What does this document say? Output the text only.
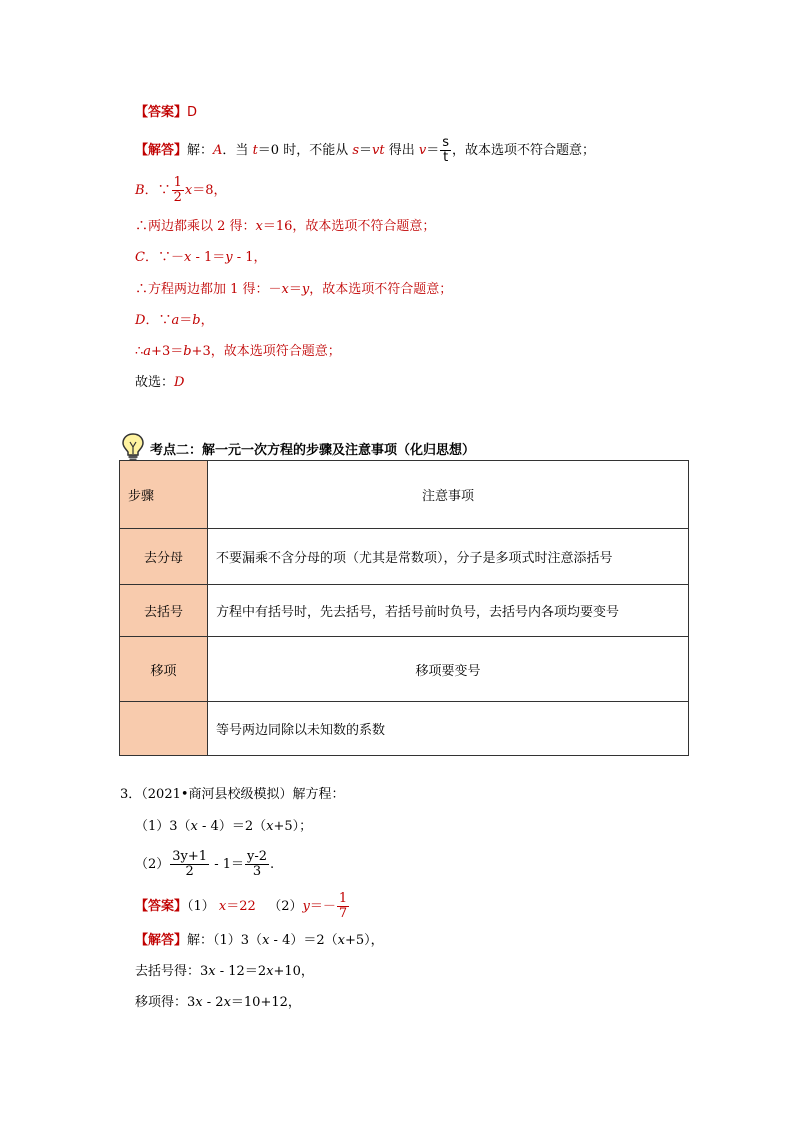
【答案】D
【解答】解：A．当 t＝0 时，不能从 s＝vt 得出 $v= \frac{s}{t}$ ，故本选项不符合题意；
B．∵ $\frac{1}{2} x=8$，
∴两边都乘以 2 得：x＝16，故本选项不符合题意；
C．∵－x - 1＝y - 1，
∴方程两边都加 1 得：－x＝y，故本选项不符合题意；
D．∵a＝b，
∴a+3＝b+3，故本选项符合题意；
故选：D
考点二：解一元一次方程的步骤及注意事项（化归思想）
步骤	注意事项
去分母	不要漏乘不含分母的项（尤其是常数项），分子是多项式时注意添括号
去括号	方程中有括号时，先去括号，若括号前时负号，去括号内各项均要变号
移项	移项要变号
	等号两边同除以未知数的系数
3．（2021•商河县校级模拟）解方程：
（1）3（x - 4）＝2（x+5）；
$(2) \frac{3y+1}{2} - 1= \frac{y-2}{3}$ .
【答案】（1） x＝22 $(2)y=- \frac{1}{7}$
【解答】解：（1）3（x - 4）＝2（x+5），
去括号得：3x - 12＝2x+10，
移项得：3x - 2x＝10+12，
